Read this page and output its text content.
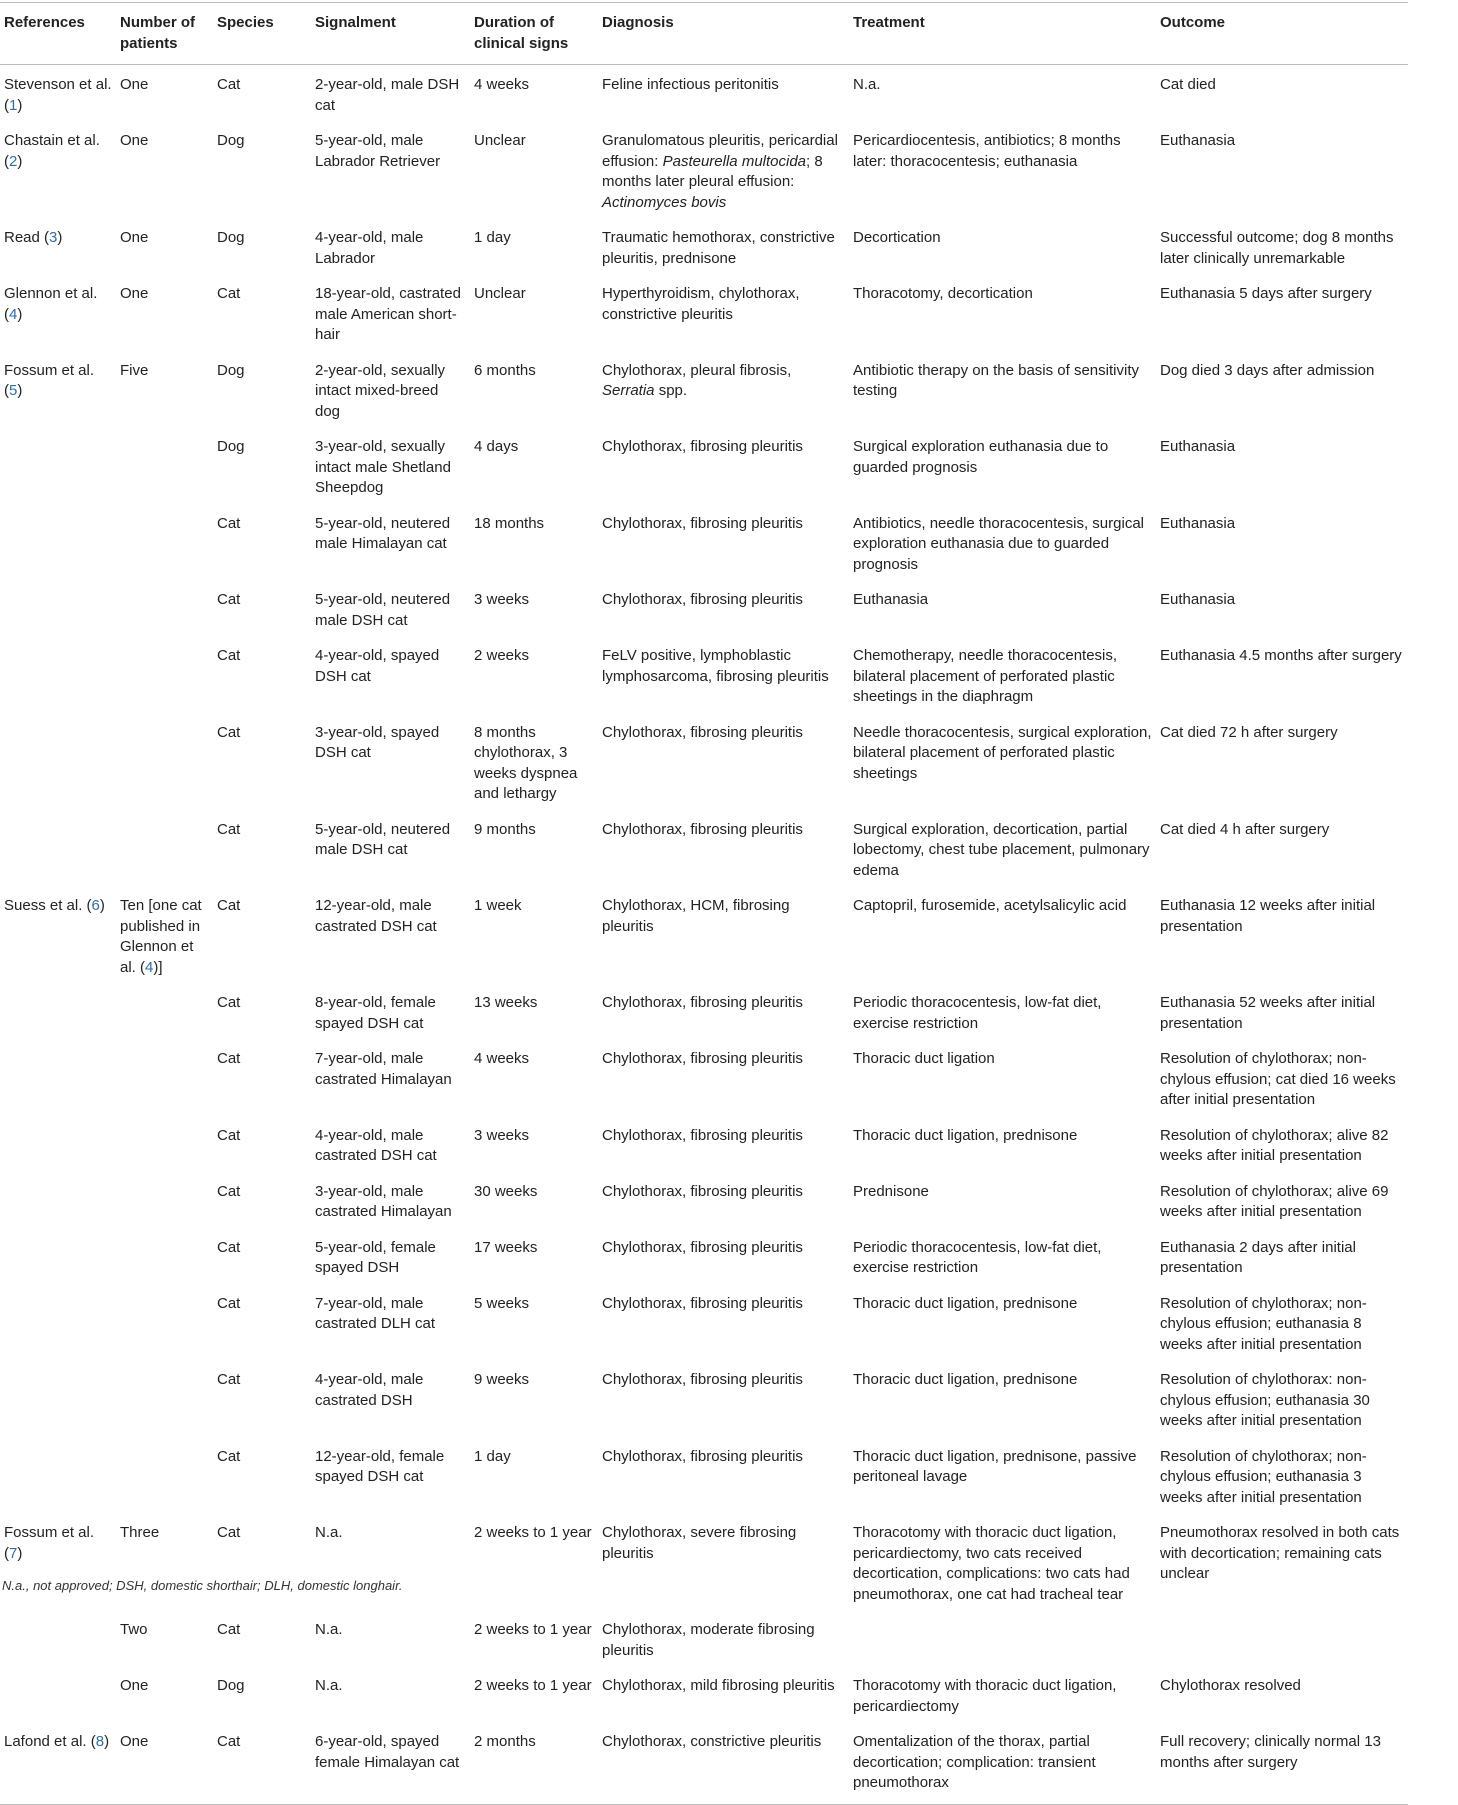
References	Number of patients	Species	Signalment	Duration of clinical signs	Diagnosis	Treatment	Outcome
Stevenson et al. (1)	One	Cat	2-year-old, male DSH cat	4 weeks	Feline infectious peritonitis	N.a.	Cat died
Chastain et al. (2)	One	Dog	5-year-old, male Labrador Retriever	Unclear	Granulomatous pleuritis, pericardial effusion: Pasteurella multocida; 8 months later pleural effusion: Actinomyces bovis	Pericardiocentesis, antibiotics; 8 months later: thoracocentesis; euthanasia	Euthanasia
Read (3)	One	Dog	4-year-old, male Labrador	1 day	Traumatic hemothorax, constrictive pleuritis, prednisone	Decortication	Successful outcome; dog 8 months later clinically unremarkable
Glennon et al. (4)	One	Cat	18-year-old, castrated male American short-hair	Unclear	Hyperthyroidism, chylothorax, constrictive pleuritis	Thoracotomy, decortication	Euthanasia 5 days after surgery
Fossum et al. (5)	Five	Dog	2-year-old, sexually intact mixed-breed dog	6 months	Chylothorax, pleural fibrosis, Serratia spp.	Antibiotic therapy on the basis of sensitivity testing	Dog died 3 days after admission
		Dog	3-year-old, sexually intact male Shetland Sheepdog	4 days	Chylothorax, fibrosing pleuritis	Surgical exploration euthanasia due to guarded prognosis	Euthanasia
		Cat	5-year-old, neutered male Himalayan cat	18 months	Chylothorax, fibrosing pleuritis	Antibiotics, needle thoracocentesis, surgical exploration euthanasia due to guarded prognosis	Euthanasia
		Cat	5-year-old, neutered male DSH cat	3 weeks	Chylothorax, fibrosing pleuritis	Euthanasia	Euthanasia
		Cat	4-year-old, spayed DSH cat	2 weeks	FeLV positive, lymphoblastic lymphosarcoma, fibrosing pleuritis	Chemotherapy, needle thoracocentesis, bilateral placement of perforated plastic sheetings in the diaphragm	Euthanasia 4.5 months after surgery
		Cat	3-year-old, spayed DSH cat	8 months chylothorax, 3 weeks dyspnea and lethargy	Chylothorax, fibrosing pleuritis	Needle thoracocentesis, surgical exploration, bilateral placement of perforated plastic sheetings	Cat died 72 h after surgery
		Cat	5-year-old, neutered male DSH cat	9 months	Chylothorax, fibrosing pleuritis	Surgical exploration, decortication, partial lobectomy, chest tube placement, pulmonary edema	Cat died 4 h after surgery
Suess et al. (6)	Ten [one cat published in Glennon et al. (4)]	Cat	12-year-old, male castrated DSH cat	1 week	Chylothorax, HCM, fibrosing pleuritis	Captopril, furosemide, acetylsalicylic acid	Euthanasia 12 weeks after initial presentation
		Cat	8-year-old, female spayed DSH cat	13 weeks	Chylothorax, fibrosing pleuritis	Periodic thoracocentesis, low-fat diet, exercise restriction	Euthanasia 52 weeks after initial presentation
		Cat	7-year-old, male castrated Himalayan	4 weeks	Chylothorax, fibrosing pleuritis	Thoracic duct ligation	Resolution of chylothorax; non-chylous effusion; cat died 16 weeks after initial presentation
		Cat	4-year-old, male castrated DSH cat	3 weeks	Chylothorax, fibrosing pleuritis	Thoracic duct ligation, prednisone	Resolution of chylothorax; alive 82 weeks after initial presentation
		Cat	3-year-old, male castrated Himalayan	30 weeks	Chylothorax, fibrosing pleuritis	Prednisone	Resolution of chylothorax; alive 69 weeks after initial presentation
		Cat	5-year-old, female spayed DSH	17 weeks	Chylothorax, fibrosing pleuritis	Periodic thoracocentesis, low-fat diet, exercise restriction	Euthanasia 2 days after initial presentation
		Cat	7-year-old, male castrated DLH cat	5 weeks	Chylothorax, fibrosing pleuritis	Thoracic duct ligation, prednisone	Resolution of chylothorax; non-chylous effusion; euthanasia 8 weeks after initial presentation
		Cat	4-year-old, male castrated DSH	9 weeks	Chylothorax, fibrosing pleuritis	Thoracic duct ligation, prednisone	Resolution of chylothorax: non-chylous effusion; euthanasia 30 weeks after initial presentation
		Cat	12-year-old, female spayed DSH cat	1 day	Chylothorax, fibrosing pleuritis	Thoracic duct ligation, prednisone, passive peritoneal lavage	Resolution of chylothorax; non-chylous effusion; euthanasia 3 weeks after initial presentation
Fossum et al. (7)	Three	Cat	N.a.	2 weeks to 1 year	Chylothorax, severe fibrosing pleuritis	Thoracotomy with thoracic duct ligation, pericardiectomy, two cats received decortication, complications: two cats had pneumothorax, one cat had tracheal tear	Pneumothorax resolved in both cats with decortication; remaining cats unclear
	Two	Cat	N.a.	2 weeks to 1 year	Chylothorax, moderate fibrosing pleuritis		
	One	Dog	N.a.	2 weeks to 1 year	Chylothorax, mild fibrosing pleuritis	Thoracotomy with thoracic duct ligation, pericardiectomy	Chylothorax resolved
Lafond et al. (8)	One	Cat	6-year-old, spayed female Himalayan cat	2 months	Chylothorax, constrictive pleuritis	Omentalization of the thorax, partial decortication; complication: transient pneumothorax	Full recovery; clinically normal 13 months after surgery
N.a., not approved; DSH, domestic shorthair; DLH, domestic longhair.
